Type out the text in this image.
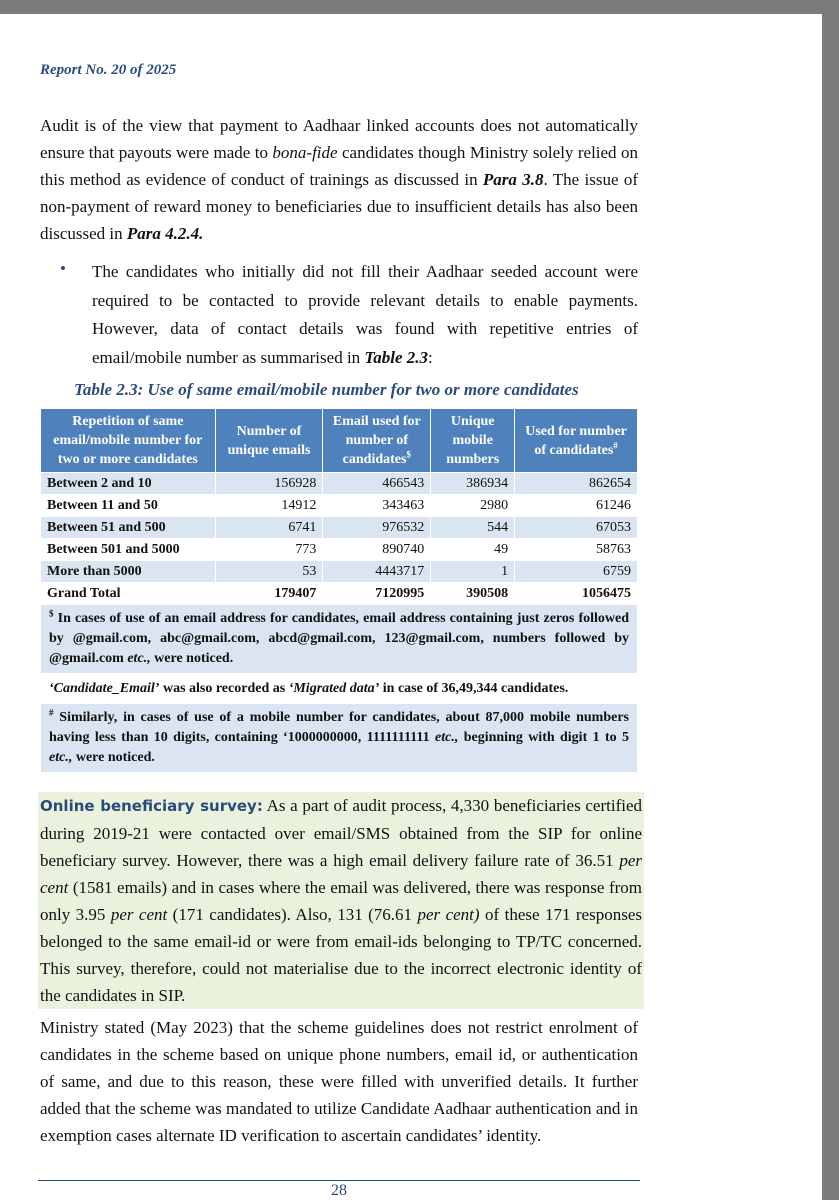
Report No. 20 of 2025

Audit is of the view that payment to Aadhaar linked accounts does not automatically ensure that payouts were made to bona-fide candidates though Ministry solely relied on this method as evidence of conduct of trainings as discussed in Para 3.8. The issue of non-payment of reward money to beneficiaries due to insufficient details has also been discussed in Para 4.2.4.

• The candidates who initially did not fill their Aadhaar seeded account were required to be contacted to provide relevant details to enable payments. However, data of contact details was found with repetitive entries of email/mobile number as summarised in Table 2.3:

Table 2.3: Use of same email/mobile number for two or more candidates
Repetition of same email/mobile number for two or more candidates	Number of unique emails	Email used for number of candidates$	Unique mobile numbers	Used for number of candidates#
Between 2 and 10	156928	466543	386934	862654
Between 11 and 50	14912	343463	2980	61246
Between 51 and 500	6741	976532	544	67053
Between 501 and 5000	773	890740	49	58763
More than 5000	53	4443717	1	6759
Grand Total	179407	7120995	390508	1056475
$ In cases of use of an email address for candidates, email address containing just zeros followed by @gmail.com, abc@gmail.com, abcd@gmail.com, 123@gmail.com, numbers followed by @gmail.com etc., were noticed.				
‘Candidate_Email’ was also recorded as ‘Migrated data’ in case of 36,49,344 candidates.				
# Similarly, in cases of use of a mobile number for candidates, about 87,000 mobile numbers having less than 10 digits, containing ‘1000000000, 1111111111 etc., beginning with digit 1 to 5 etc., were noticed.				

Online beneficiary survey: As a part of audit process, 4,330 beneficiaries certified during 2019-21 were contacted over email/SMS obtained from the SIP for online beneficiary survey. However, there was a high email delivery failure rate of 36.51 per cent (1581 emails) and in cases where the email was delivered, there was response from only 3.95 per cent (171 candidates). Also, 131 (76.61 per cent) of these 171 responses belonged to the same email-id or were from email-ids belonging to TP/TC concerned. This survey, therefore, could not materialise due to the incorrect electronic identity of the candidates in SIP.

Ministry stated (May 2023) that the scheme guidelines does not restrict enrolment of candidates in the scheme based on unique phone numbers, email id, or authentication of same, and due to this reason, these were filled with unverified details. It further added that the scheme was mandated to utilize Candidate Aadhaar authentication and in exemption cases alternate ID verification to ascertain candidates’ identity.

28
